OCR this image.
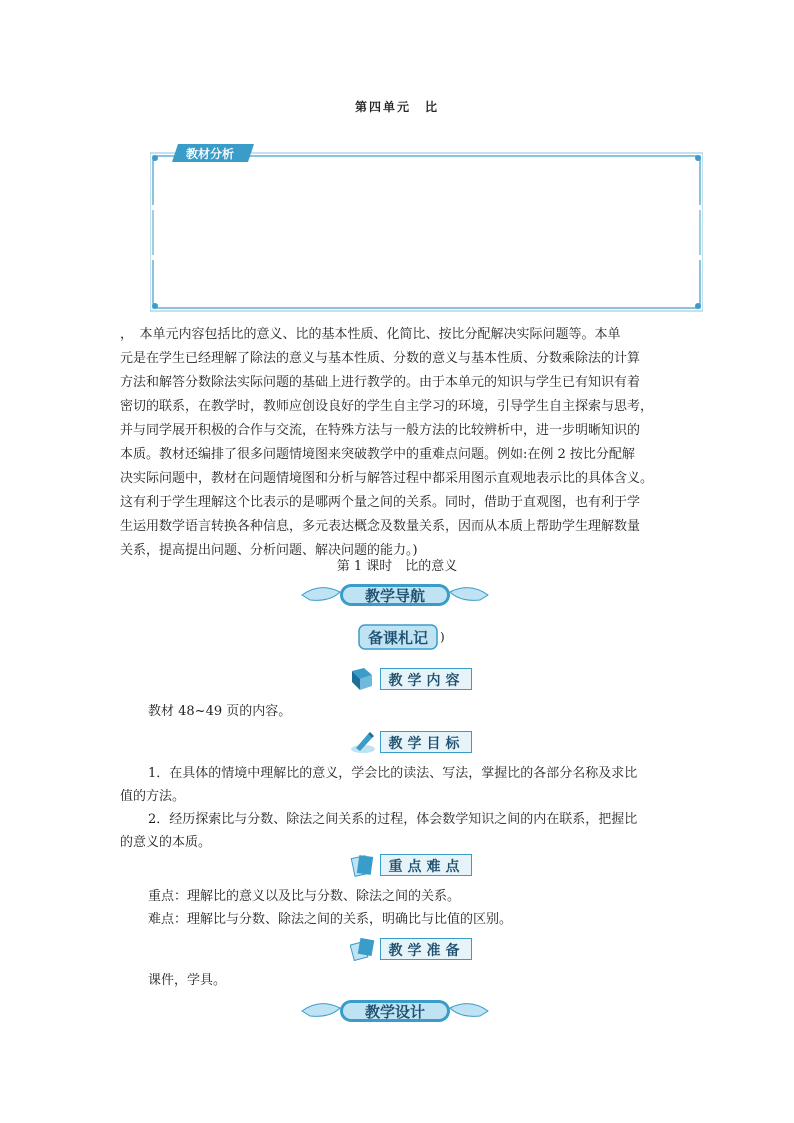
第四单元　比
教材分析

，　本单元内容包括比的意义、比的基本性质、化简比、按比分配解决实际问题等。本单

元是在学生已经理解了除法的意义与基本性质、分数的意义与基本性质、分数乘除法的计算

方法和解答分数除法实际问题的基础上进行教学的。由于本单元的知识与学生已有知识有着

密切的联系，在教学时，教师应创设良好的学生自主学习的环境，引导学生自主探索与思考，

并与同学展开积极的合作与交流，在特殊方法与一般方法的比较辨析中，进一步明晰知识的

本质。教材还编排了很多问题情境图来突破教学中的重难点问题。例如:在例 2 按比分配解

决实际问题中，教材在问题情境图和分析与解答过程中都采用图示直观地表示比的具体含义。

这有利于学生理解这个比表示的是哪两个量之间的关系。同时，借助于直观图，也有利于学

生运用数学语言转换各种信息，多元表达概念及数量关系，因而从本质上帮助学生理解数量

关系，提高提出问题、分析问题、解决问题的能力。)

第 1 课时　比的意义
教学导航
备课札记	)
教学内容

教材 48~49 页的内容。

教学目标

1．在具体的情境中理解比的意义，学会比的读法、写法，掌握比的各部分名称及求比

值的方法。

2．经历探索比与分数、除法之间关系的过程，体会数学知识之间的内在联系，把握比

的意义的本质。

重点难点

重点：理解比的意义以及比与分数、除法之间的关系。

难点：理解比与分数、除法之间的关系，明确比与比值的区别。

教学准备

课件，学具。

教学设计
